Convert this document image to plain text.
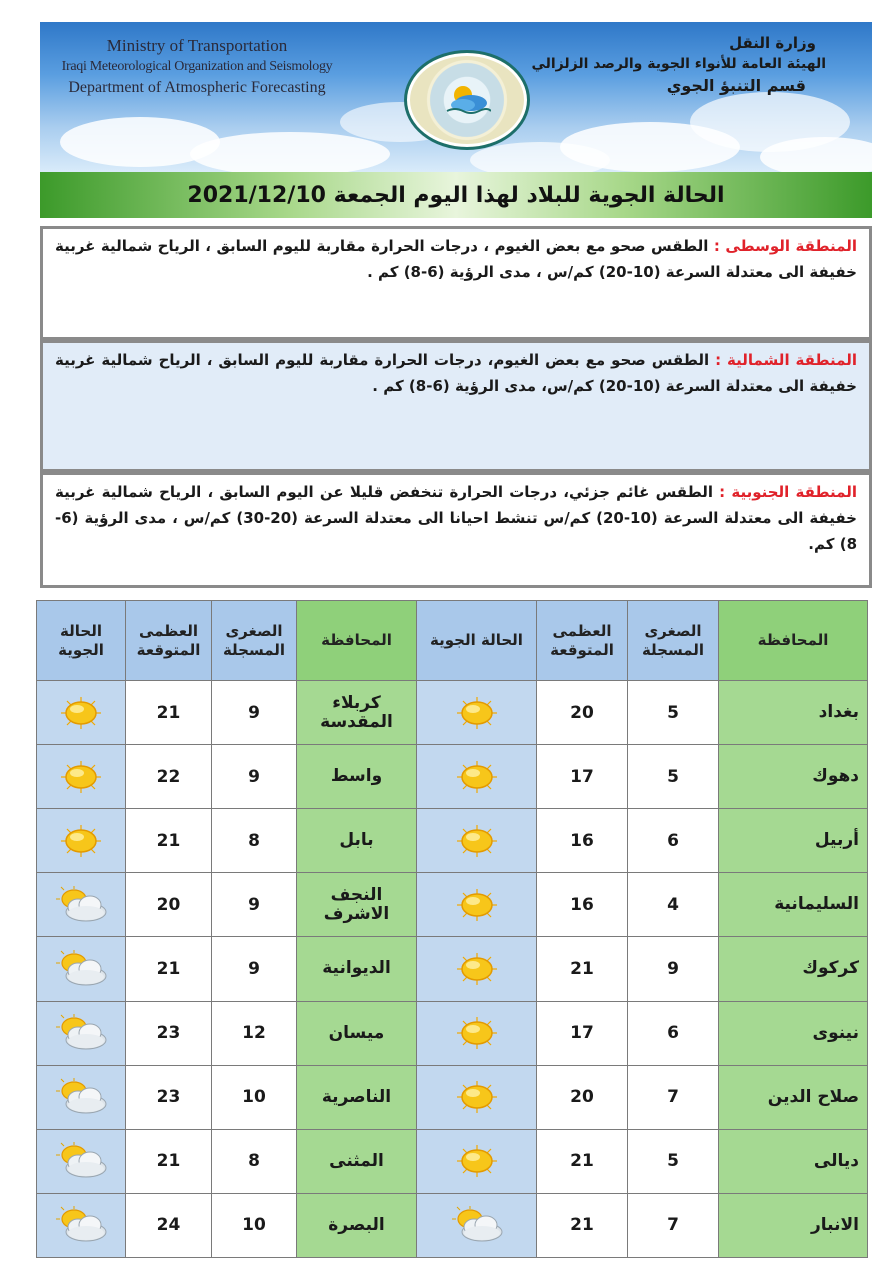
Ministry of Transportation
Iraqi Meteorological Organization and Seismology
Department of Atmospheric Forecasting
وزارة النقل
الهيئة العامة للأنواء الجوية والرصد الزلزالي
قسم التنبؤ الجوي
الحالة الجوية للبلاد لهذا اليوم الجمعة 2021/12/10
المنطقة الوسطى : الطقس صحو مع بعض الغيوم ، درجات الحرارة مقاربة لليوم السابق ، الرياح شمالية غربية خفيفة الى معتدلة السرعة (10-20) كم/س ، مدى الرؤية (6-8) كم .
المنطقة الشمالية : الطقس صحو مع بعض الغيوم، درجات الحرارة مقاربة لليوم السابق ، الرياح شمالية غربية خفيفة الى معتدلة السرعة (10-20) كم/س، مدى الرؤية (6-8) كم .
المنطقة الجنوبية : الطقس غائم جزئي، درجات الحرارة تنخفض قليلا عن اليوم السابق ، الرياح شمالية غربية خفيفة الى معتدلة السرعة (10-20) كم/س تنشط احيانا الى معتدلة السرعة (20-30) كم/س ، مدى الرؤية (6-8) كم.
المحافظة	الصغرى المسجلة	العظمى المتوقعة	الحالة الجوية	المحافظة	الصغرى المسجلة	العظمى المتوقعة	الحالة الجوية
بغداد	5	20		كربلاء المقدسة	9	21	

دهوك	5	17		واسط	9	22	

أربيل	6	16		بابل	8	21	

السليمانية	4	16		النجف الاشرف	9	20	

كركوك	9	21		الديوانية	9	21	

نينوى	6	17		ميسان	12	23	

صلاح الدين	7	20		الناصرية	10	23	

ديالى	5	21		المثنى	8	21	

الانبار	7	21		البصرة	10	24	
